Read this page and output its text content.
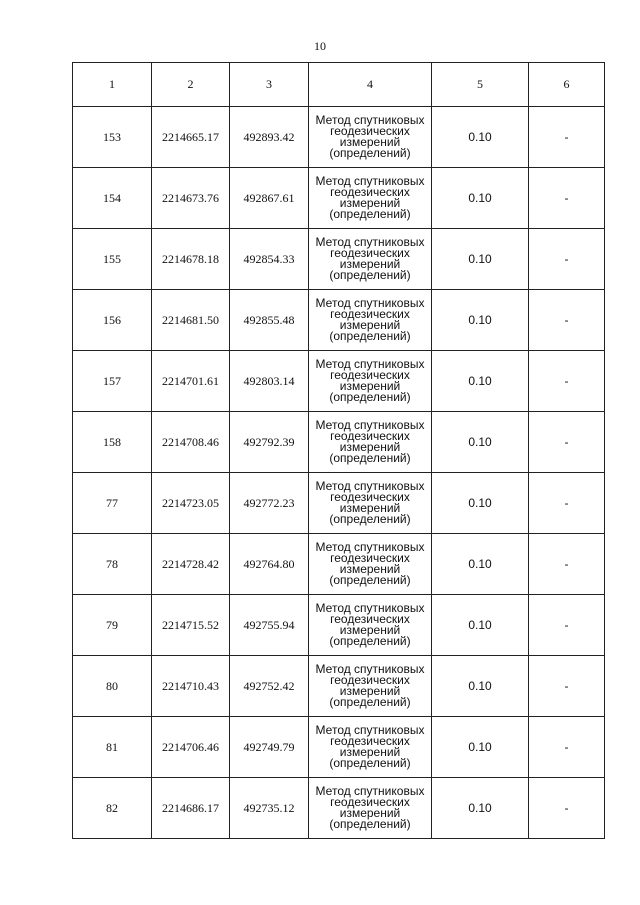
10
1	2	3	4	5	6
153	2214665.17	492893.42	Метод спутниковых геодезических измерений (определений)	0.10	-
154	2214673.76	492867.61	Метод спутниковых геодезических измерений (определений)	0.10	-
155	2214678.18	492854.33	Метод спутниковых геодезических измерений (определений)	0.10	-
156	2214681.50	492855.48	Метод спутниковых геодезических измерений (определений)	0.10	-
157	2214701.61	492803.14	Метод спутниковых геодезических измерений (определений)	0.10	-
158	2214708.46	492792.39	Метод спутниковых геодезических измерений (определений)	0.10	-
77	2214723.05	492772.23	Метод спутниковых геодезических измерений (определений)	0.10	-
78	2214728.42	492764.80	Метод спутниковых геодезических измерений (определений)	0.10	-
79	2214715.52	492755.94	Метод спутниковых геодезических измерений (определений)	0.10	-
80	2214710.43	492752.42	Метод спутниковых геодезических измерений (определений)	0.10	-
81	2214706.46	492749.79	Метод спутниковых геодезических измерений (определений)	0.10	-
82	2214686.17	492735.12	Метод спутниковых геодезических измерений (определений)	0.10	-
